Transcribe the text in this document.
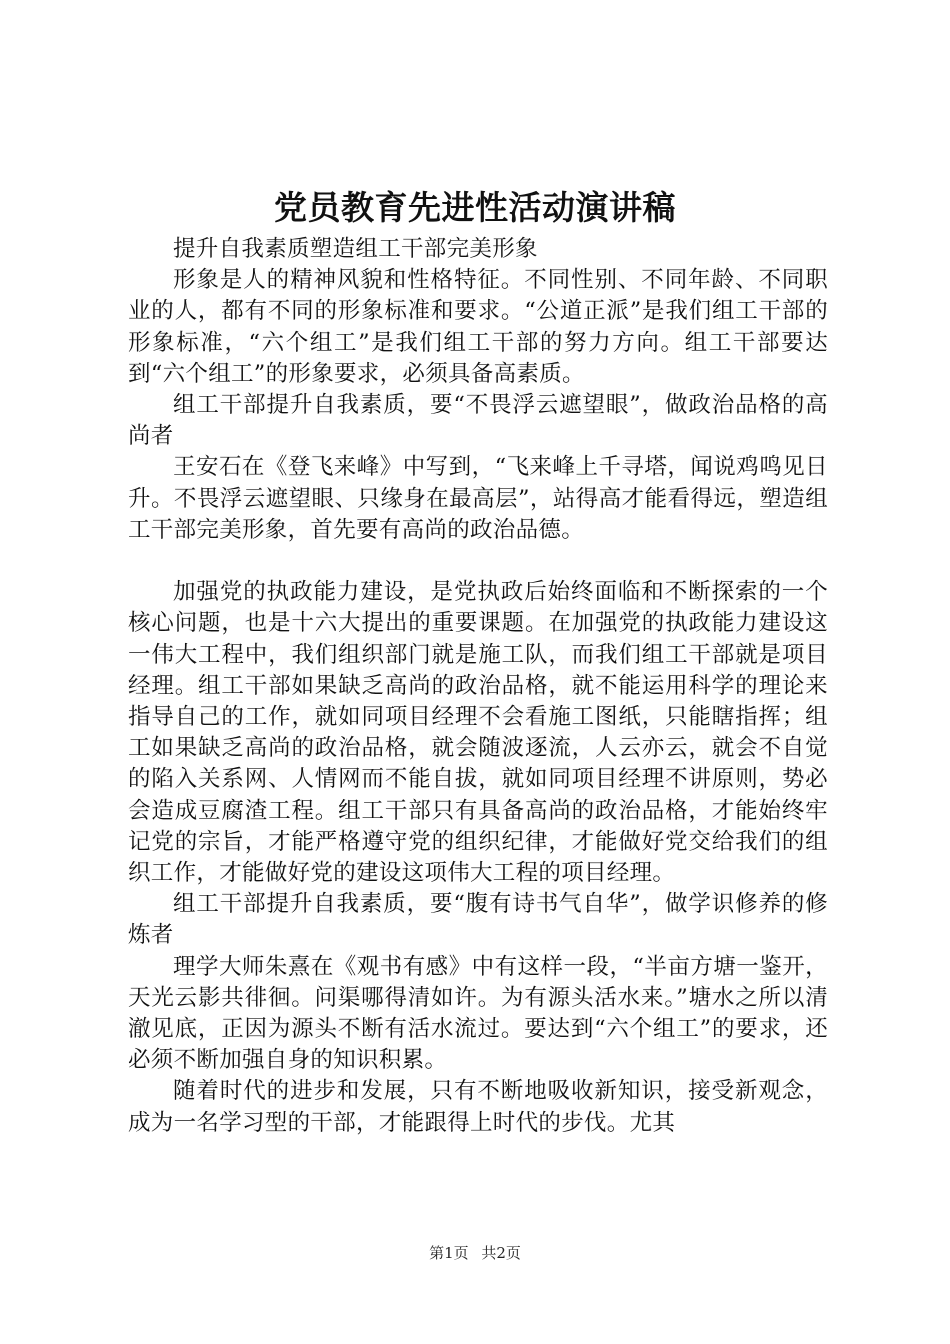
党员教育先进性活动演讲稿

提升自我素质塑造组工干部完美形象

形象是人的精神风貌和性格特征。不同性别、不同年龄、不同职业的人，都有不同的形象标准和要求。“公道正派”是我们组工干部的形象标准，“六个组工”是我们组工干部的努力方向。组工干部要达到“六个组工”的形象要求，必须具备高素质。

组工干部提升自我素质，要“不畏浮云遮望眼”，做政治品格的高尚者

王安石在《登飞来峰》中写到，“飞来峰上千寻塔，闻说鸡鸣见日升。不畏浮云遮望眼、只缘身在最高层”，站得高才能看得远，塑造组工干部完美形象，首先要有高尚的政治品德。

加强党的执政能力建设，是党执政后始终面临和不断探索的一个核心问题，也是十六大提出的重要课题。在加强党的执政能力建设这一伟大工程中，我们组织部门就是施工队，而我们组工干部就是项目经理。组工干部如果缺乏高尚的政治品格，就不能运用科学的理论来指导自己的工作，就如同项目经理不会看施工图纸，只能瞎指挥；组工如果缺乏高尚的政治品格，就会随波逐流，人云亦云，就会不自觉的陷入关系网、人情网而不能自拔，就如同项目经理不讲原则，势必会造成豆腐渣工程。组工干部只有具备高尚的政治品格，才能始终牢记党的宗旨，才能严格遵守党的组织纪律，才能做好党交给我们的组织工作，才能做好党的建设这项伟大工程的项目经理。

组工干部提升自我素质，要“腹有诗书气自华”，做学识修养的修炼者

理学大师朱熹在《观书有感》中有这样一段，“半亩方塘一鉴开，天光云影共徘徊。问渠哪得清如许。为有源头活水来。”塘水之所以清澈见底，正因为源头不断有活水流过。要达到“六个组工”的要求，还必须不断加强自身的知识积累。

随着时代的进步和发展，只有不断地吸收新知识，接受新观念，成为一名学习型的干部，才能跟得上时代的步伐。尤其

第1页 共2页
